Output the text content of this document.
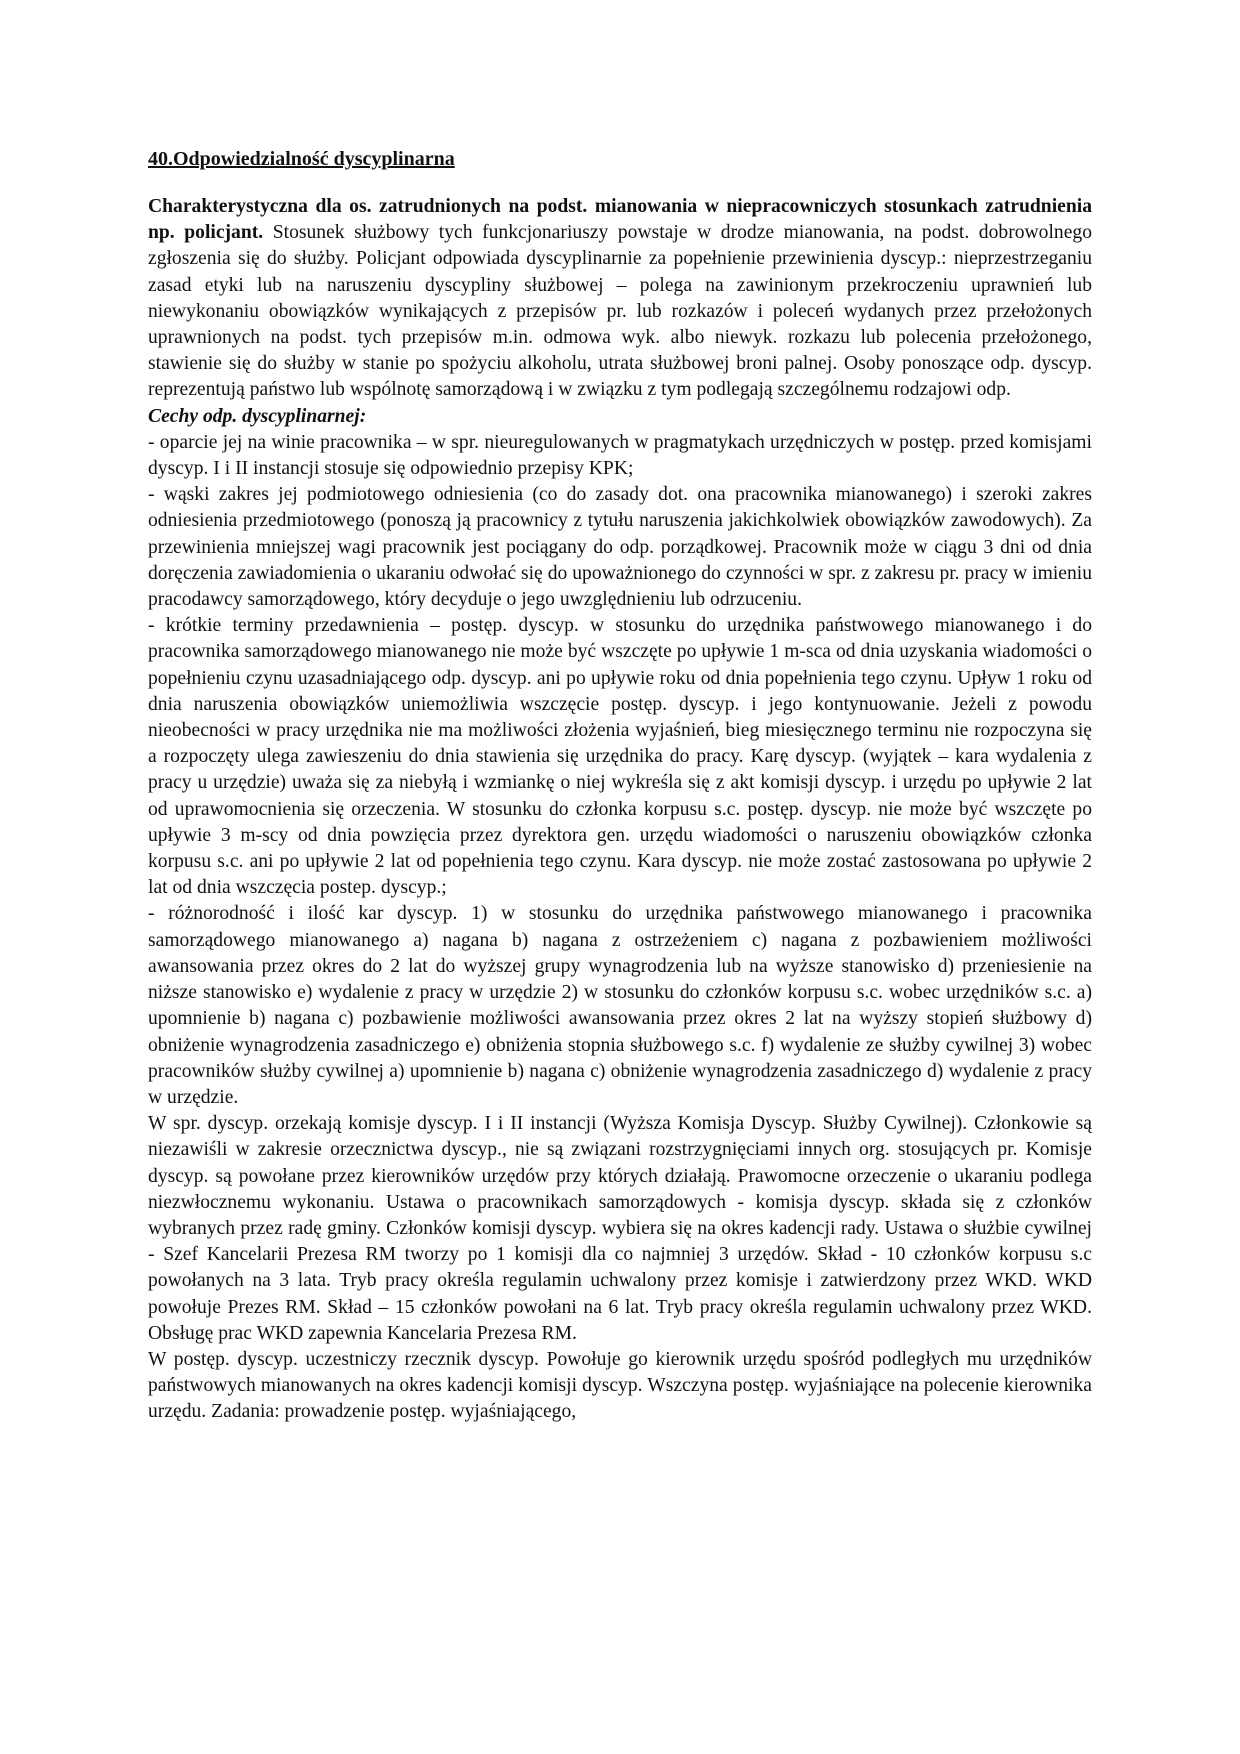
40.Odpowiedzialność dyscyplinarna

Charakterystyczna dla os. zatrudnionych na podst. mianowania w niepracowniczych stosunkach zatrudnienia np. policjant. Stosunek służbowy tych funkcjonariuszy powstaje w drodze mianowania, na podst. dobrowolnego zgłoszenia się do służby. Policjant odpowiada dyscyplinarnie za popełnienie przewinienia dyscyp.: nieprzestrzeganiu zasad etyki lub na naruszeniu dyscypliny służbowej – polega na zawinionym przekroczeniu uprawnień lub niewykonaniu obowiązków wynikających z przepisów pr. lub rozkazów i poleceń wydanych przez przełożonych uprawnionych na podst. tych przepisów m.in. odmowa wyk. albo niewyk. rozkazu lub polecenia przełożonego, stawienie się do służby w stanie po spożyciu alkoholu, utrata służbowej broni palnej. Osoby ponoszące odp. dyscyp. reprezentują państwo lub wspólnotę samorządową i w związku z tym podlegają szczególnemu rodzajowi odp.

Cechy odp. dyscyplinarnej:

- oparcie jej na winie pracownika – w spr. nieuregulowanych w pragmatykach urzędniczych w postęp. przed komisjami dyscyp. I i II instancji stosuje się odpowiednio przepisy KPK;

- wąski zakres jej podmiotowego odniesienia (co do zasady dot. ona pracownika mianowanego) i szeroki zakres odniesienia przedmiotowego (ponoszą ją pracownicy z tytułu naruszenia jakichkolwiek obowiązków zawodowych). Za przewinienia mniejszej wagi pracownik jest pociągany do odp. porządkowej. Pracownik może w ciągu 3 dni od dnia doręczenia zawiadomienia o ukaraniu odwołać się do upoważnionego do czynności w spr. z zakresu pr. pracy w imieniu pracodawcy samorządowego, który decyduje o jego uwzględnieniu lub odrzuceniu.

- krótkie terminy przedawnienia – postęp. dyscyp. w stosunku do urzędnika państwowego mianowanego i do pracownika samorządowego mianowanego nie może być wszczęte po upływie 1 m-sca od dnia uzyskania wiadomości o popełnieniu czynu uzasadniającego odp. dyscyp. ani po upływie roku od dnia popełnienia tego czynu. Upływ 1 roku od dnia naruszenia obowiązków uniemożliwia wszczęcie postęp. dyscyp. i jego kontynuowanie. Jeżeli z powodu nieobecności w pracy urzędnika nie ma możliwości złożenia wyjaśnień, bieg miesięcznego terminu nie rozpoczyna się a rozpoczęty ulega zawieszeniu do dnia stawienia się urzędnika do pracy. Karę dyscyp. (wyjątek – kara wydalenia z pracy u urzędzie) uważa się za niebyłą i wzmiankę o niej wykreśla się z akt komisji dyscyp. i urzędu po upływie 2 lat od uprawomocnienia się orzeczenia. W stosunku do członka korpusu s.c. postęp. dyscyp. nie może być wszczęte po upływie 3 m-scy od dnia powzięcia przez dyrektora gen. urzędu wiadomości o naruszeniu obowiązków członka korpusu s.c. ani po upływie 2 lat od popełnienia tego czynu. Kara dyscyp. nie może zostać zastosowana po upływie 2 lat od dnia wszczęcia postep. dyscyp.;

- różnorodność i ilość kar dyscyp. 1) w stosunku do urzędnika państwowego mianowanego i pracownika samorządowego mianowanego a) nagana b) nagana z ostrzeżeniem c) nagana z pozbawieniem możliwości awansowania przez okres do 2 lat do wyższej grupy wynagrodzenia lub na wyższe stanowisko d) przeniesienie na niższe stanowisko e) wydalenie z pracy w urzędzie 2) w stosunku do członków korpusu s.c. wobec urzędników s.c. a) upomnienie b) nagana c) pozbawienie możliwości awansowania przez okres 2 lat na wyższy stopień służbowy d) obniżenie wynagrodzenia zasadniczego e) obniżenia stopnia służbowego s.c. f) wydalenie ze służby cywilnej 3) wobec pracowników służby cywilnej a) upomnienie b) nagana c) obniżenie wynagrodzenia zasadniczego d) wydalenie z pracy w urzędzie.

W spr. dyscyp. orzekają komisje dyscyp. I i II instancji (Wyższa Komisja Dyscyp. Służby Cywilnej). Członkowie są niezawiśli w zakresie orzecznictwa dyscyp., nie są związani rozstrzygnięciami innych org. stosujących pr. Komisje dyscyp. są powołane przez kierowników urzędów przy których działają. Prawomocne orzeczenie o ukaraniu podlega niezwłocznemu wykonaniu. Ustawa o pracownikach samorządowych - komisja dyscyp. składa się z członków wybranych przez radę gminy. Członków komisji dyscyp. wybiera się na okres kadencji rady. Ustawa o służbie cywilnej - Szef Kancelarii Prezesa RM tworzy po 1 komisji dla co najmniej 3 urzędów. Skład - 10 członków korpusu s.c powołanych na 3 lata. Tryb pracy określa regulamin uchwalony przez komisje i zatwierdzony przez WKD. WKD powołuje Prezes RM. Skład – 15 członków powołani na 6 lat. Tryb pracy określa regulamin uchwalony przez WKD. Obsługę prac WKD zapewnia Kancelaria Prezesa RM.

W postęp. dyscyp. uczestniczy rzecznik dyscyp. Powołuje go kierownik urzędu spośród podległych mu urzędników państwowych mianowanych na okres kadencji komisji dyscyp. Wszczyna postęp. wyjaśniające na polecenie kierownika urzędu. Zadania: prowadzenie postęp. wyjaśniającego,
